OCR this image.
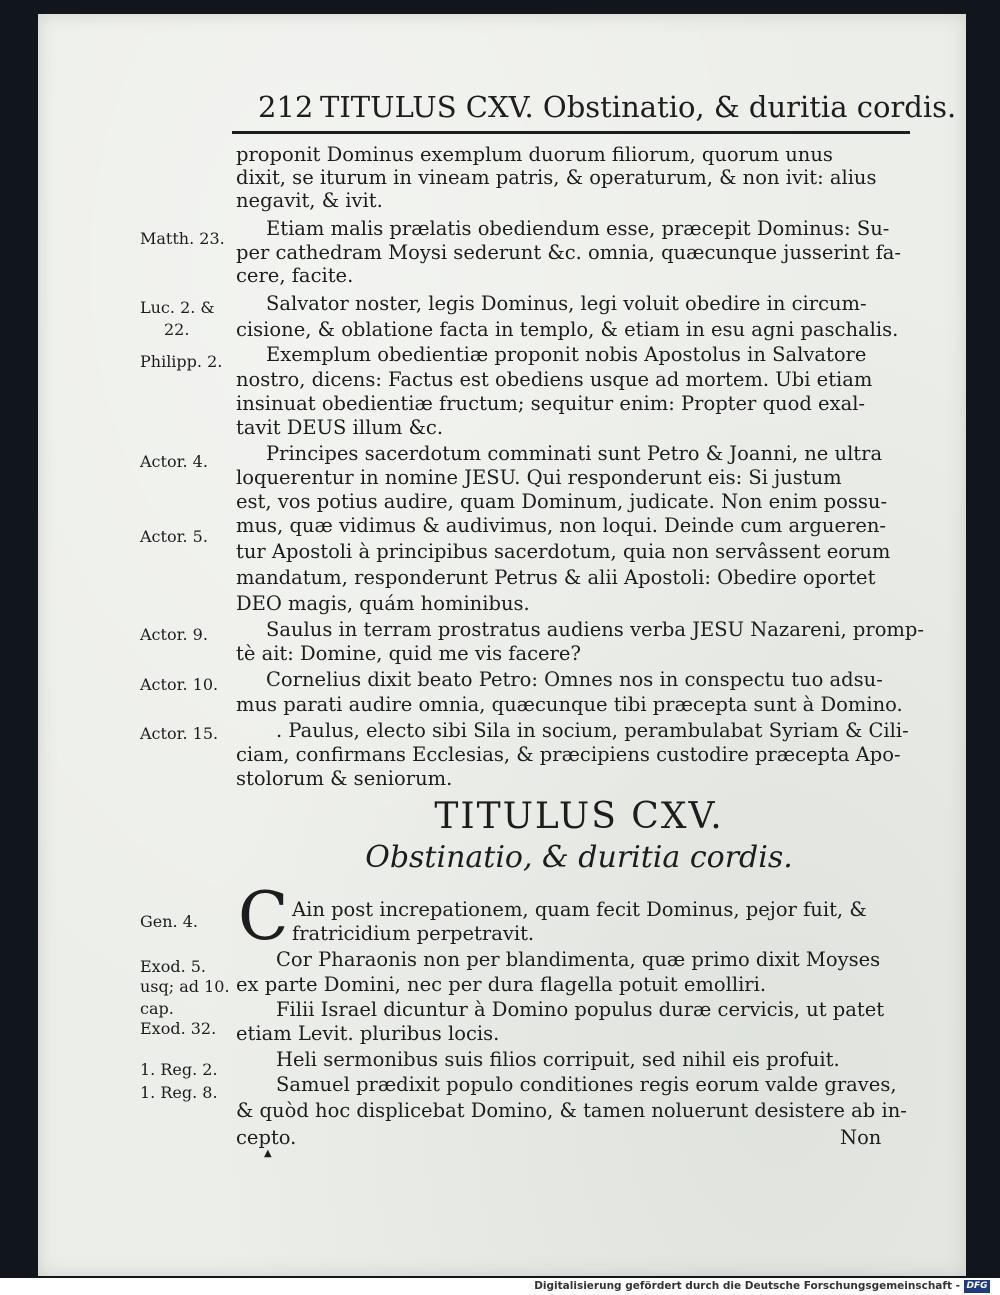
212 TITULUS CXV. Obstinatio, & duritia cordis.
proponit Dominus exemplum duorum filiorum, quorum unus
dixit, se iturum in vineam patris, & operaturum, & non ivit: alius
negavit, & ivit.
Etiam malis prælatis obediendum esse, præcepit Dominus: Su-
per cathedram Moysi sederunt &c. omnia, quæcunque jusserint fa-
cere, facite.
Salvator noster, legis Dominus, legi voluit obedire in circum-
cisione, & oblatione facta in templo, & etiam in esu agni paschalis.
Exemplum obedientiæ proponit nobis Apostolus in Salvatore
nostro, dicens: Factus est obediens usque ad mortem. Ubi etiam
insinuat obedientiæ fructum; sequitur enim: Propter quod exal-
tavit DEUS illum &c.
Principes sacerdotum comminati sunt Petro & Joanni, ne ultra
loquerentur in nomine JESU. Qui responderunt eis: Si justum
est, vos potius audire, quam Dominum, judicate. Non enim possu-
mus, quæ vidimus & audivimus, non loqui. Deinde cum argueren-
tur Apostoli à principibus sacerdotum, quia non servâssent eorum
mandatum, responderunt Petrus & alii Apostoli: Obedire oportet
DEO magis, quám hominibus.
Saulus in terram prostratus audiens verba JESU Nazareni, promp-
tè ait: Domine, quid me vis facere?
Cornelius dixit beato Petro: Omnes nos in conspectu tuo adsu-
mus parati audire omnia, quæcunque tibi præcepta sunt à Domino.
. Paulus, electo sibi Sila in socium, perambulabat Syriam & Cili-
ciam, confirmans Ecclesias, & præcipiens custodire præcepta Apo-
stolorum & seniorum.
Matth. 23.
Luc. 2. &
22.
Philipp. 2.
Actor. 4.
Actor. 5.
Actor. 9.
Actor. 10.
Actor. 15.
TITULUS CXV.
Obstinatio, & duritia cordis.
C Ain post increpationem, quam fecit Dominus, pejor fuit, &
fratricidium perpetravit.
Cor Pharaonis non per blandimenta, quæ primo dixit Moyses
ex parte Domini, nec per dura flagella potuit emolliri.
Filii Israel dicuntur à Domino populus duræ cervicis, ut patet
etiam Levit. pluribus locis.
Heli sermonibus suis filios corripuit, sed nihil eis profuit.
Samuel prædixit populo conditiones regis eorum valde graves,
& quòd hoc displicebat Domino, & tamen noluerunt desistere ab in-
cepto.
Gen. 4.
Exod. 5.
usq; ad 10.
cap.
Exod. 32.
1. Reg. 2.
1. Reg. 8.
Non
▲
Digitalisierung gefördert durch die Deutsche Forschungsgemeinschaft - DFG
